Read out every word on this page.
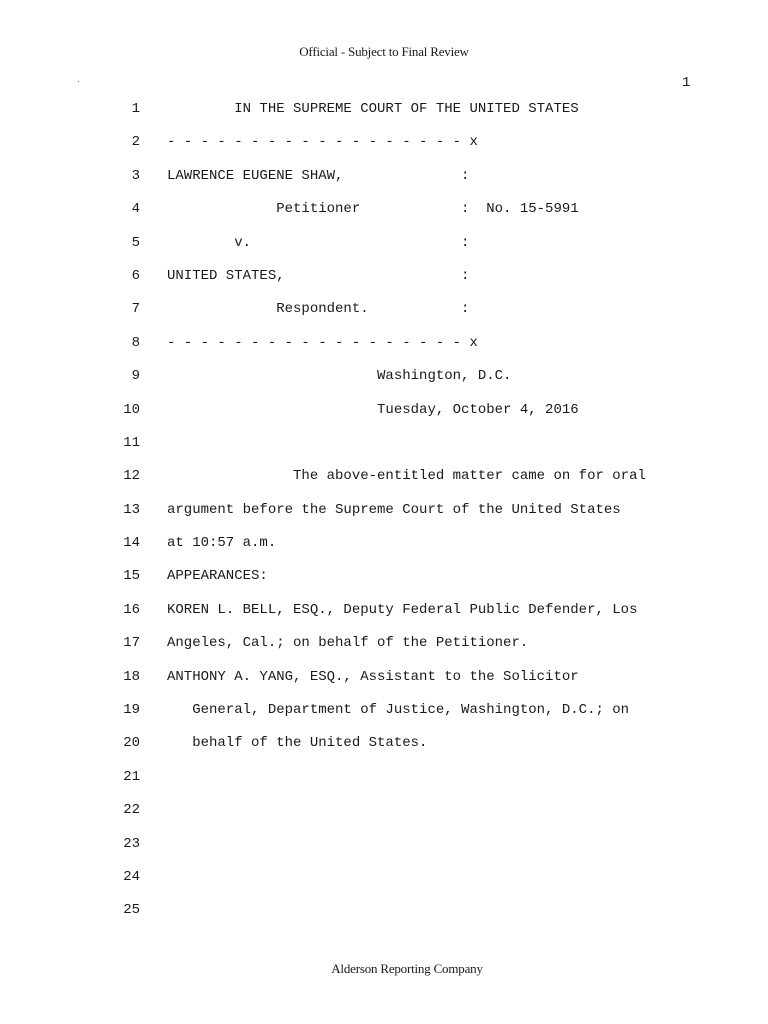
Official - Subject to Final Review
.	1
1 IN THE SUPREME COURT OF THE UNITED STATES
2 - - - - - - - - - - - - - - - - - - x
3 LAWRENCE EUGENE SHAW,              :
4 Petitioner            :  No. 15-5991
5 v.                         :
6 UNITED STATES,                     :
7 Respondent.           :
8 - - - - - - - - - - - - - - - - - - x
9 Washington, D.C.
10 Tuesday, October 4, 2016
11
12 The above-entitled matter came on for oral
13 argument before the Supreme Court of the United States
14 at 10:57 a.m.
15 APPEARANCES:
16 KOREN L. BELL, ESQ., Deputy Federal Public Defender, Los
17 Angeles, Cal.; on behalf of the Petitioner.
18 ANTHONY A. YANG, ESQ., Assistant to the Solicitor
19 General, Department of Justice, Washington, D.C.; on
20 behalf of the United States.
21
22
23
24
25
Alderson Reporting Company
